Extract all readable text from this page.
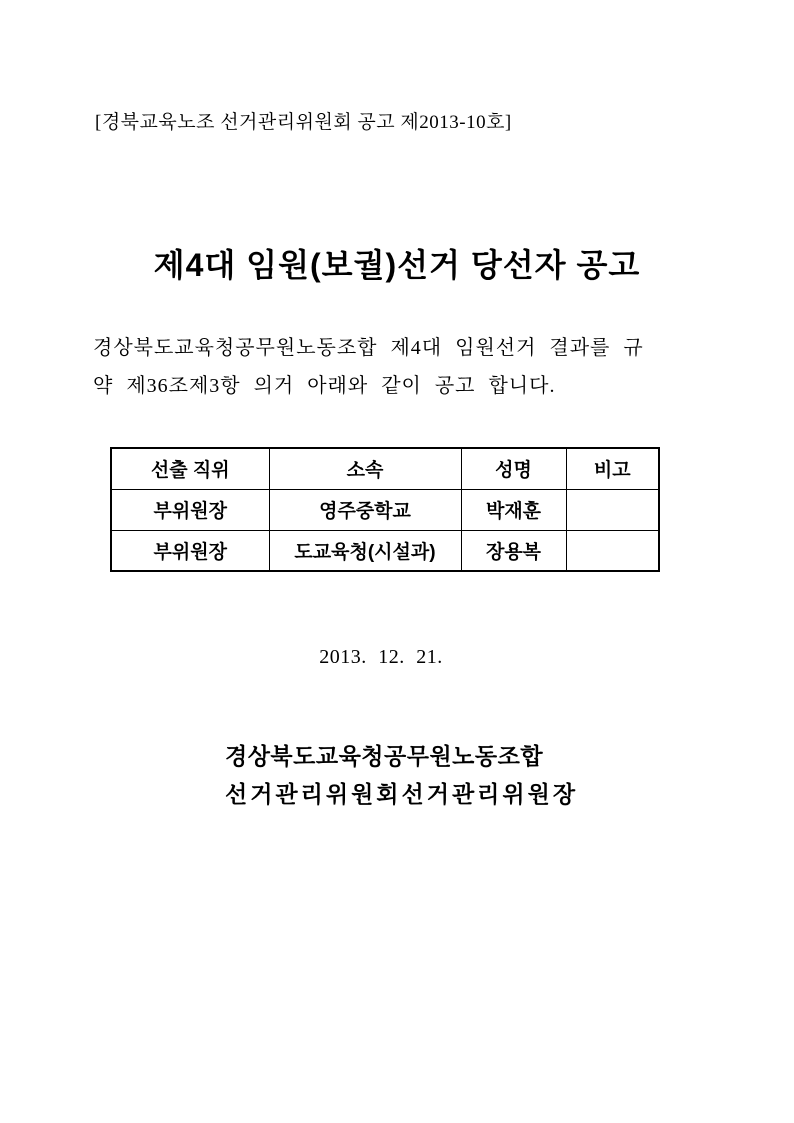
[경북교육노조 선거관리위원회 공고 제2013-10호]
제4대 임원(보궐)선거 당선자 공고
경상북도교육청공무원노동조합 제4대 임원선거 결과를 규
약 제36조제3항 의거 아래와 같이 공고 합니다.
선출 직위	소속	성명	비고
부위원장	영주중학교	박재훈	
부위원장	도교육청(시설과)	장용복	
2013. 12. 21.
경상북도교육청공무원노동조합
선거관리위원회선거관리위원장
